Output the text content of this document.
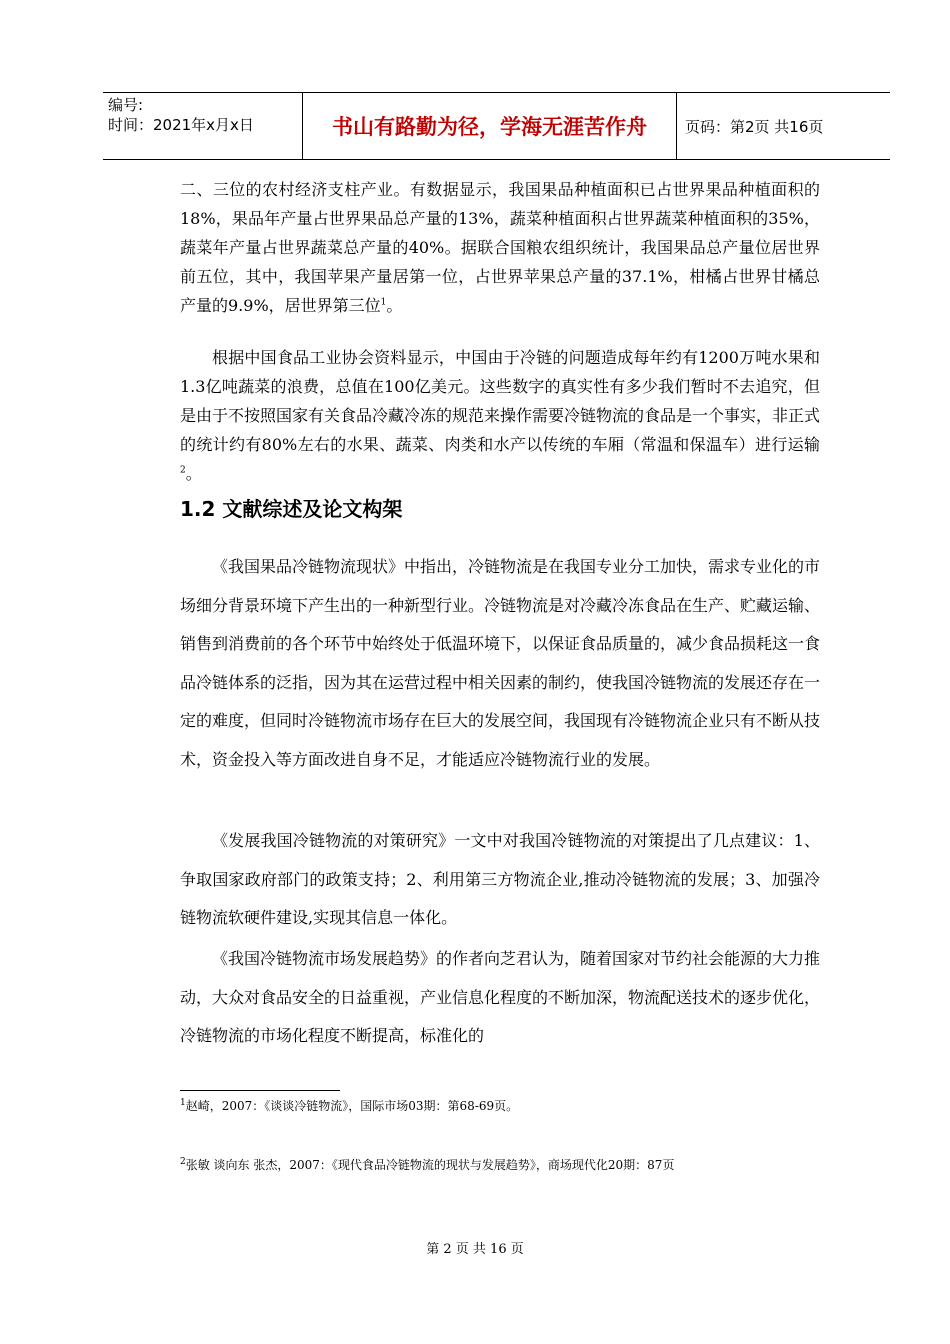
编号:
时间：2021年x月x日	书山有路勤为径，学海无涯苦作舟	页码：第2页 共16页

二、三位的农村经济支柱产业。有数据显示，我国果品种植面积已占世界果品种植面积的18%，果品年产量占世界果品总产量的13%，蔬菜种植面积占世界蔬菜种植面积的35%，蔬菜年产量占世界蔬菜总产量的40%。据联合国粮农组织统计，我国果品总产量位居世界前五位，其中，我国苹果产量居第一位，占世界苹果总产量的37.1%，柑橘占世界甘橘总产量的9.9%，居世界第三位$^1$。

根据中国食品工业协会资料显示，中国由于冷链的问题造成每年约有1200万吨水果和1.3亿吨蔬菜的浪费，总值在100亿美元。这些数字的真实性有多少我们暂时不去追究，但是由于不按照国家有关食品冷藏冷冻的规范来操作需要冷链物流的食品是一个事实，非正式的统计约有80%左右的水果、蔬菜、肉类和水产以传统的车厢（常温和保温车）进行运输$^2$。

1.2 文献综述及论文构架

《我国果品冷链物流现状》中指出，冷链物流是在我国专业分工加快，需求专业化的市场细分背景环境下产生出的一种新型行业。冷链物流是对冷藏冷冻食品在生产、贮藏运输、销售到消费前的各个环节中始终处于低温环境下，以保证食品质量的，减少食品损耗这一食品冷链体系的泛指，因为其在运营过程中相关因素的制约，使我国冷链物流的发展还存在一定的难度，但同时冷链物流市场存在巨大的发展空间，我国现有冷链物流企业只有不断从技术，资金投入等方面改进自身不足，才能适应冷链物流行业的发展。

《发展我国冷链物流的对策研究》一文中对我国冷链物流的对策提出了几点建议：1、争取国家政府部门的政策支持；2、利用第三方物流企业,推动冷链物流的发展；3、加强冷链物流软硬件建设,实现其信息一体化。

《我国冷链物流市场发展趋势》的作者向芝君认为，随着国家对节约社会能源的大力推动，大众对食品安全的日益重视，产业信息化程度的不断加深，物流配送技术的逐步优化，冷链物流的市场化程度不断提高，标准化的

$^1$赵崎，2007：《谈谈冷链物流》，国际市场03期：第68-69页。

$^2$张敏 谈向东 张杰，2007：《现代食品冷链物流的现状与发展趋势》，商场现代化20期：87页

第 2 页 共 16 页
